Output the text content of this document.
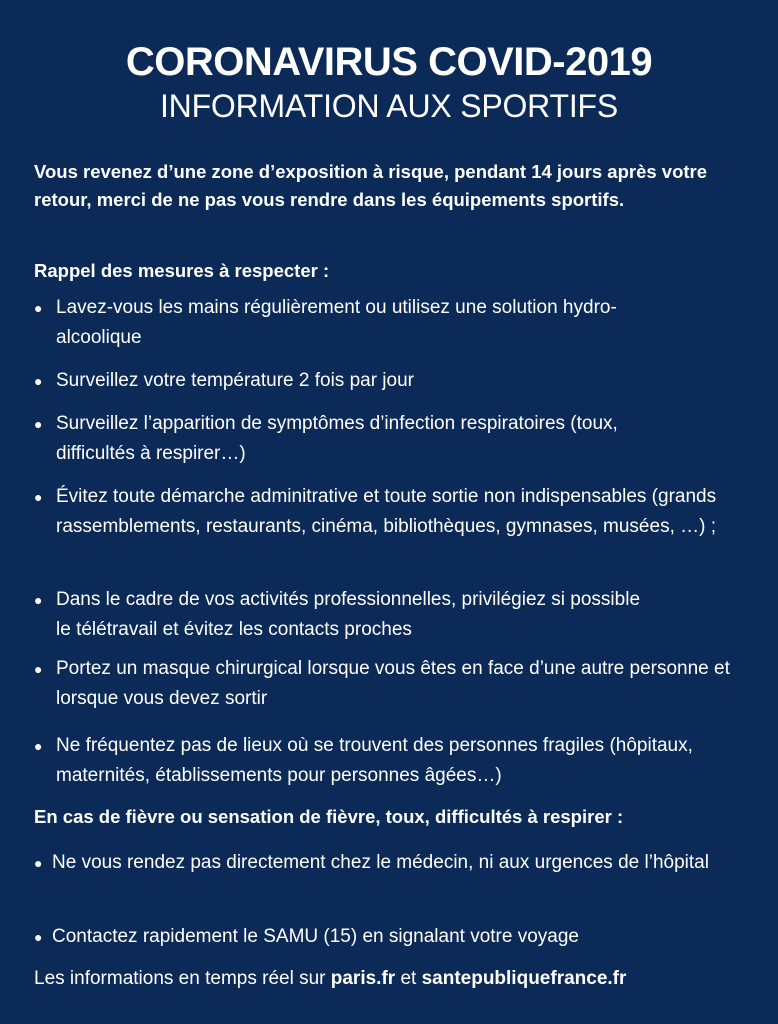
CORONAVIRUS COVID-2019
INFORMATION AUX SPORTIFS
Vous revenez d’une zone d’exposition à risque, pendant 14 jours après votre retour, merci de ne pas vous rendre dans les équipements sportifs.
Rappel des mesures à respecter :
● Lavez-vous les mains régulièrement ou utilisez une solution hydro-alcoolique
● Surveillez votre température 2 fois par jour
● Surveillez l’apparition de symptômes d’infection respiratoires (toux, difficultés à respirer…)
● Évitez toute démarche adminitrative et toute sortie non indispensables (grands rassemblements, restaurants, cinéma, bibliothèques, gymnases, musées, …) ;
● Dans le cadre de vos activités professionnelles, privilégiez si possible le télétravail et évitez les contacts proches
● Portez un masque chirurgical lorsque vous êtes en face d’une autre personne et lorsque vous devez sortir
● Ne fréquentez pas de lieux où se trouvent des personnes fragiles (hôpitaux, maternités, établissements pour personnes âgées…)
En cas de fièvre ou sensation de fièvre, toux, difficultés à respirer :
● Ne vous rendez pas directement chez le médecin, ni aux urgences de l’hôpital
● Contactez rapidement le SAMU (15) en signalant votre voyage
Les informations en temps réel sur paris.fr et santepubliquefrance.fr
